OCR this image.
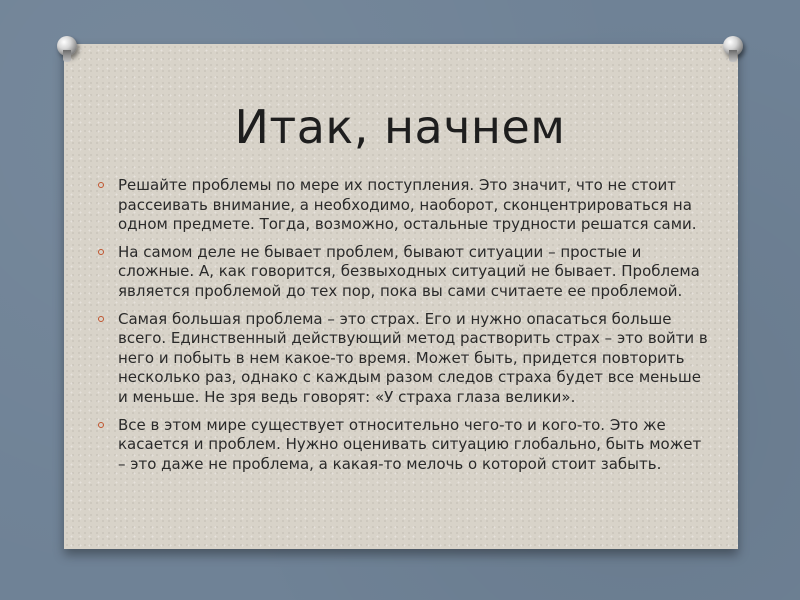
Итак, начнем
Решайте проблемы по мере их поступления. Это значит, что не стоит рассеивать внимание, а необходимо, наоборот, сконцентрироваться на одном предмете. Тогда, возможно, остальные трудности решатся сами.
На самом деле не бывает проблем, бывают ситуации – простые и сложные. А, как говорится, безвыходных ситуаций не бывает. Проблема является проблемой до тех пор, пока вы сами считаете ее проблемой.
Самая большая проблема – это страх. Его и нужно опасаться больше всего. Единственный действующий метод растворить страх – это войти в него и побыть в нем какое-то время. Может быть, придется повторить несколько раз, однако с каждым разом следов страха будет все меньше и меньше. Не зря ведь говорят: «У страха глаза велики».
Все в этом мире существует относительно чего-то и кого-то. Это же касается и проблем. Нужно оценивать ситуацию глобально, быть может – это даже не проблема, а какая-то мелочь о которой стоит забыть.
